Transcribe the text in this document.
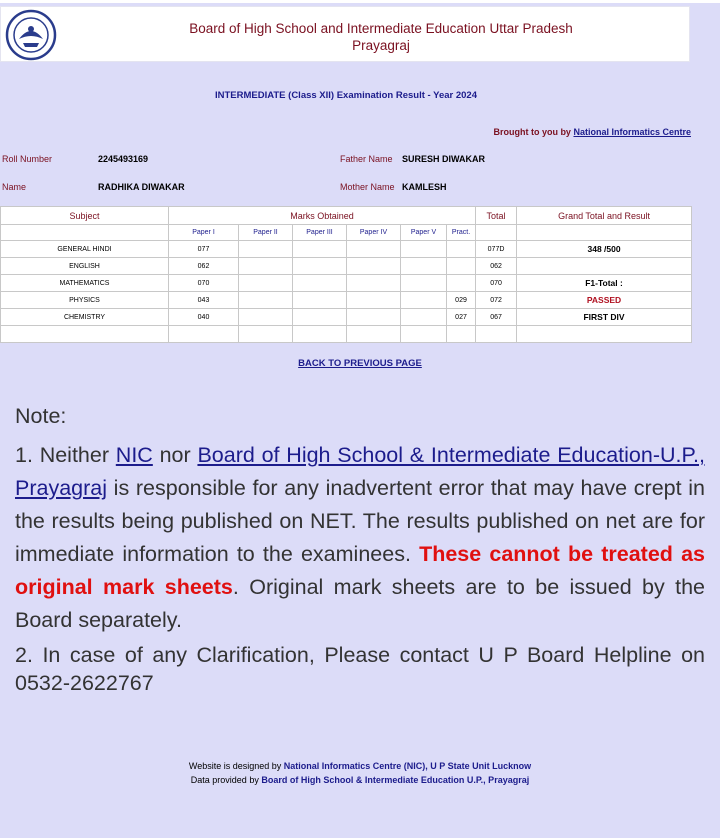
Board of High School and Intermediate Education Uttar Pradesh
Prayagraj
INTERMEDIATE (Class XII) Examination Result - Year 2024
Brought to you by National Informatics Centre
Roll Number	2245493169	Father Name SURESH DIWAKAR
Name	RADHIKA DIWAKAR	Mother Name KAMLESH
Subject	Marks Obtained						Total	Grand Total and Result
	Paper I	Paper II	Paper III	Paper IV	Paper V	Pract.		
GENERAL HINDI	077						077D	348 /500
ENGLISH	062						062	
MATHEMATICS	070						070	F1-Total :
PHYSICS	043					029	072	PASSED
CHEMISTRY	040					027	067	FIRST DIV

BACK TO PREVIOUS PAGE
Note:

1. Neither NIC nor Board of High School & Intermediate Education-U.P., Prayagraj is responsible for any inadvertent error that may have crept in the results being published on NET. The results published on net are for immediate information to the examinees. These cannot be treated as original mark sheets. Original mark sheets are to be issued by the Board separately.

2. In case of any Clarification, Please contact U P Board Helpline on 0532-2622767

Website is designed by National Informatics Centre (NIC), U P State Unit Lucknow
Data provided by Board of High School & Intermediate Education U.P., Prayagraj
